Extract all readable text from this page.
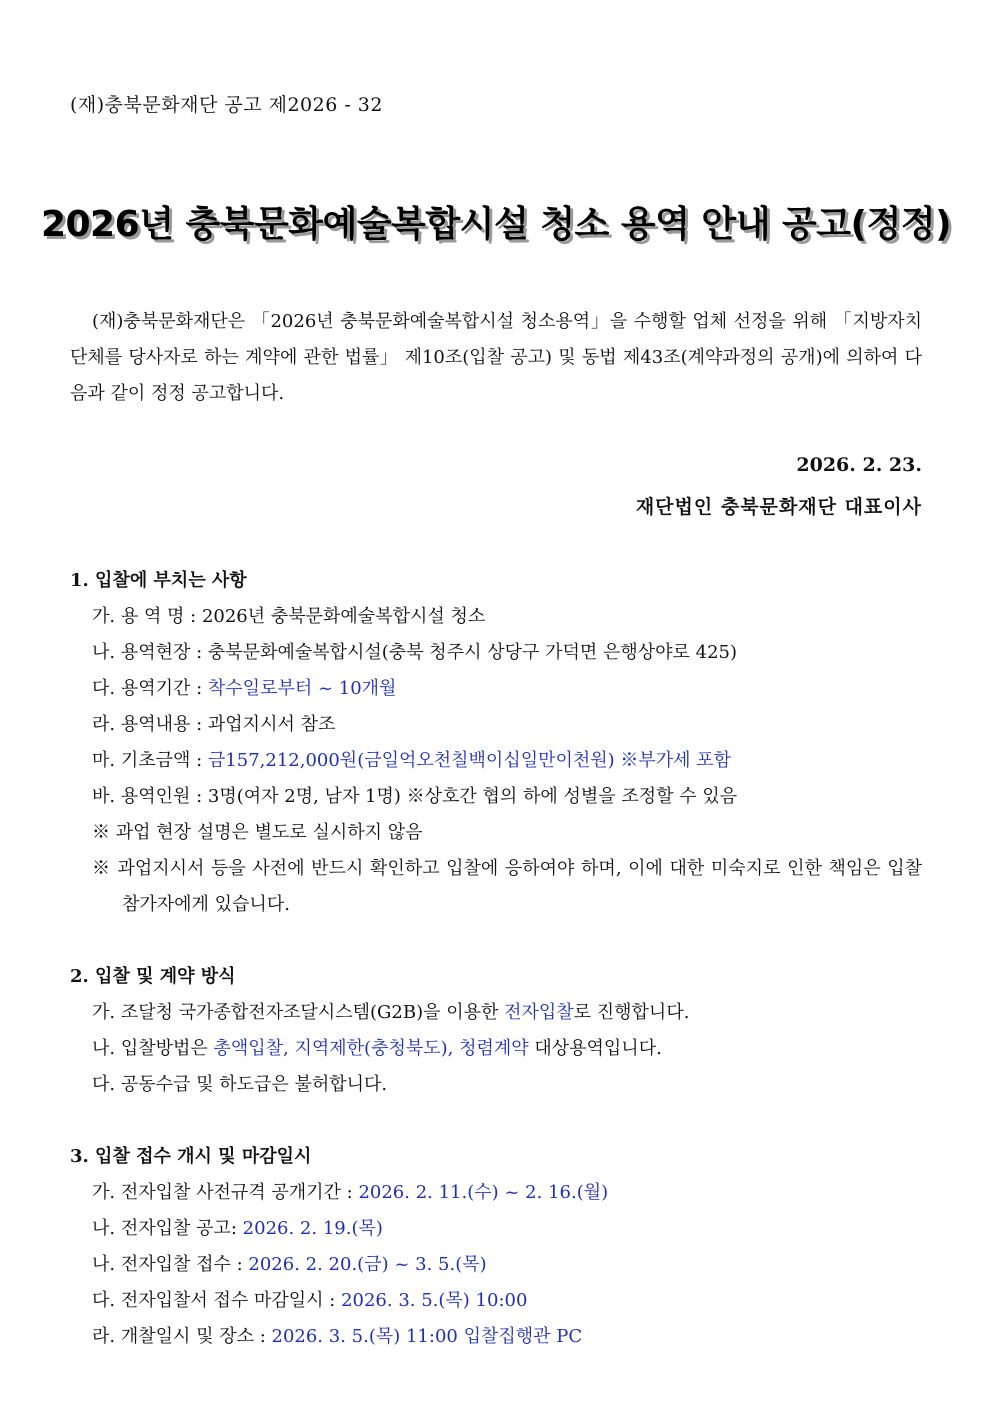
(재)충북문화재단 공고 제2026 - 32
2026년 충북문화예술복합시설 청소 용역 안내 공고(정정)
(재)충북문화재단은 「2026년 충북문화예술복합시설 청소용역」을 수행할 업체 선정을 위해 「지방자치단체를 당사자로 하는 계약에 관한 법률」 제10조(입찰 공고) 및 동법 제43조(계약과정의 공개)에 의하여 다음과 같이 정정 공고합니다.
2026. 2. 23.
재단법인 충북문화재단 대표이사
1. 입찰에 부치는 사항
가. 용 역 명 : 2026년 충북문화예술복합시설 청소
나. 용역현장 : 충북문화예술복합시설(충북 청주시 상당구 가덕면 은행상야로 425)
다. 용역기간 : 착수일로부터 ~ 10개월
라. 용역내용 : 과업지시서 참조
마. 기초금액 : 금157,212,000원(금일억오천칠백이십일만이천원) ※부가세 포함
바. 용역인원 : 3명(여자 2명, 남자 1명) ※상호간 협의 하에 성별을 조정할 수 있음
※ 과업 현장 설명은 별도로 실시하지 않음
※ 과업지시서 등을 사전에 반드시 확인하고 입찰에 응하여야 하며, 이에 대한 미숙지로 인한 책임은 입찰 참가자에게 있습니다.
2. 입찰 및 계약 방식
가. 조달청 국가종합전자조달시스템(G2B)을 이용한 전자입찰로 진행합니다.
나. 입찰방법은 총액입찰, 지역제한(충청북도), 청렴계약 대상용역입니다.
다. 공동수급 및 하도급은 불허합니다.
3. 입찰 접수 개시 및 마감일시
가. 전자입찰 사전규격 공개기간 : 2026. 2. 11.(수) ~ 2. 16.(월)
나. 전자입찰 공고: 2026. 2. 19.(목)
나. 전자입찰 접수 : 2026. 2. 20.(금) ~ 3. 5.(목)
다. 전자입찰서 접수 마감일시 : 2026. 3. 5.(목) 10:00
라. 개찰일시 및 장소 : 2026. 3. 5.(목) 11:00 입찰집행관 PC
